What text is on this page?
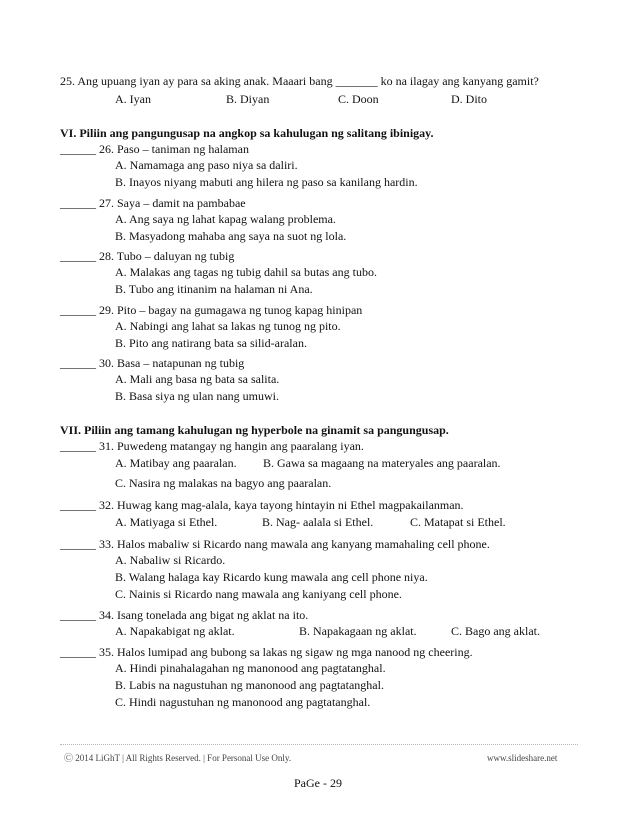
25. Ang upuang iyan ay para sa aking anak. Maaari bang _______ ko na ilagay ang kanyang gamit?
A. Iyan	B. Diyan	C. Doon	D. Dito
VI. Piliin ang pangungusap na angkop sa kahulugan ng salitang ibinigay.
______ 26. Paso – taniman ng halaman
A. Namamaga ang paso niya sa daliri.
B. Inayos niyang mabuti ang hilera ng paso sa kanilang hardin.
______ 27. Saya – damit na pambabae
A. Ang saya ng lahat kapag walang problema.
B. Masyadong mahaba ang saya na suot ng lola.
______ 28. Tubo – daluyan ng tubig
A. Malakas ang tagas ng tubig dahil sa butas ang tubo.
B. Tubo ang itinanim na halaman ni Ana.
______ 29. Pito – bagay na gumagawa ng tunog kapag hinipan
A. Nabingi ang lahat sa lakas ng tunog ng pito.
B. Pito ang natirang bata sa silid-aralan.
______ 30. Basa – natapunan ng tubig
A. Mali ang basa ng bata sa salita.
B. Basa siya ng ulan nang umuwi.
VII. Piliin ang tamang kahulugan ng hyperbole na ginamit sa pangungusap.
______ 31. Puwedeng matangay ng hangin ang paaralang iyan.
A. Matibay ang paaralan. B. Gawa sa magaang na materyales ang paaralan.
C. Nasira ng malakas na bagyo ang paaralan.
______ 32. Huwag kang mag-alala, kaya tayong hintayin ni Ethel magpakailanman.
A. Matiyaga si Ethel.	B. Nag- aalala si Ethel.	C. Matapat si Ethel.
______ 33. Halos mabaliw si Ricardo nang mawala ang kanyang mamahaling cell phone.
A. Nabaliw si Ricardo.
B. Walang halaga kay Ricardo kung mawala ang cell phone niya.
C. Nainis si Ricardo nang mawala ang kaniyang cell phone.
______ 34. Isang tonelada ang bigat ng aklat na ito.
A. Napakabigat ng aklat.	B. Napakagaan ng aklat.	C. Bago ang aklat.
______ 35. Halos lumipad ang bubong sa lakas ng sigaw ng mga nanood ng cheering.
A. Hindi pinahalagahan ng manonood ang pagtatanghal.
B. Labis na nagustuhan ng manonood ang pagtatanghal.
C. Hindi nagustuhan ng manonood ang pagtatanghal.
Ⓒ 2014 LiGhT | All Rights Reserved. | For Personal Use Only.	www.slideshare.net
PaGe - 29
